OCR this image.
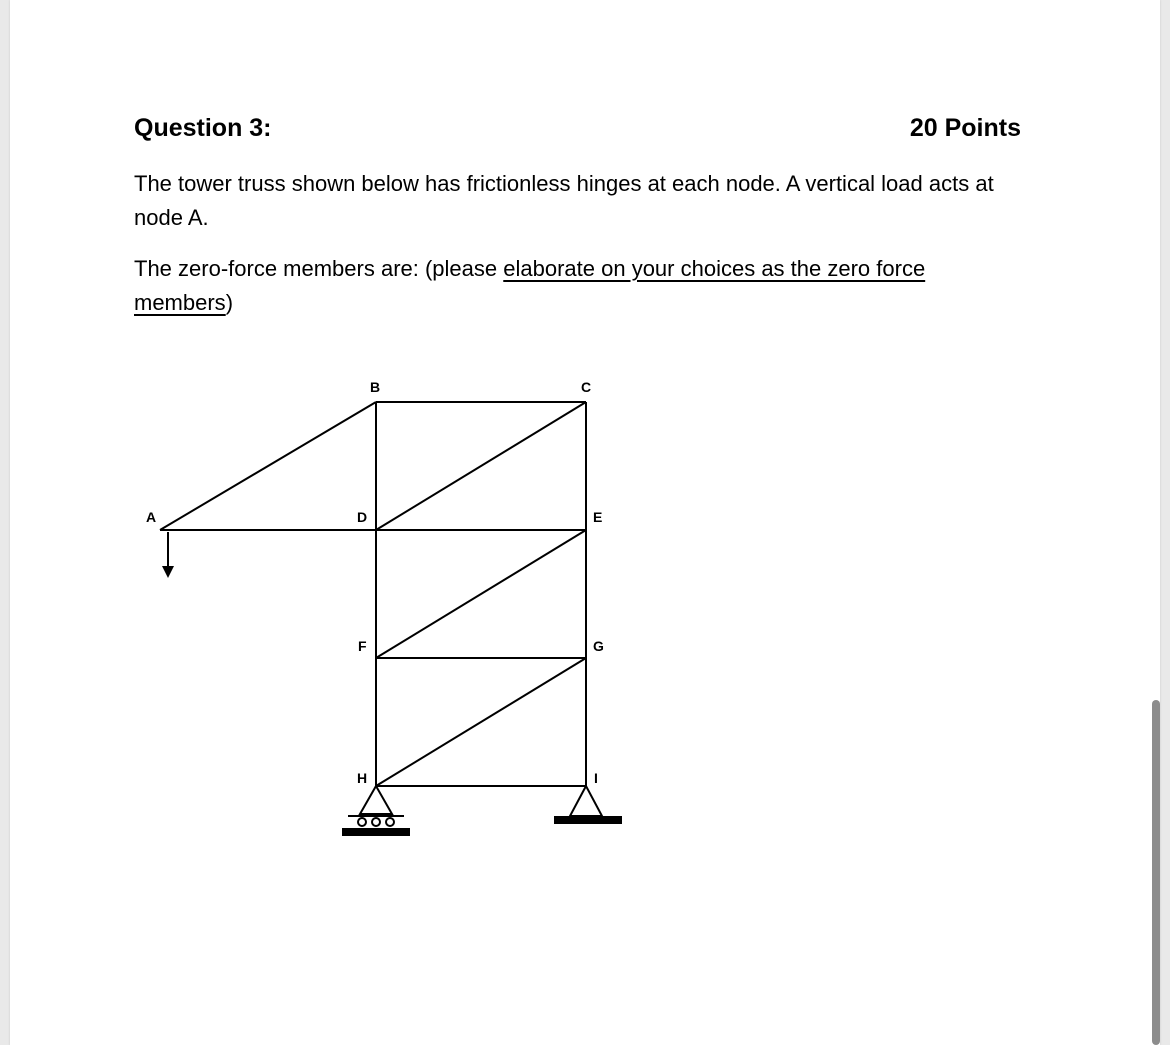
Question 3:	20 Points
The tower truss shown below has frictionless hinges at each node. A vertical load acts at node A.
The zero-force members are: (please elaborate on your choices as the zero force members)
A
B	C
D	E
F	G
H	I
